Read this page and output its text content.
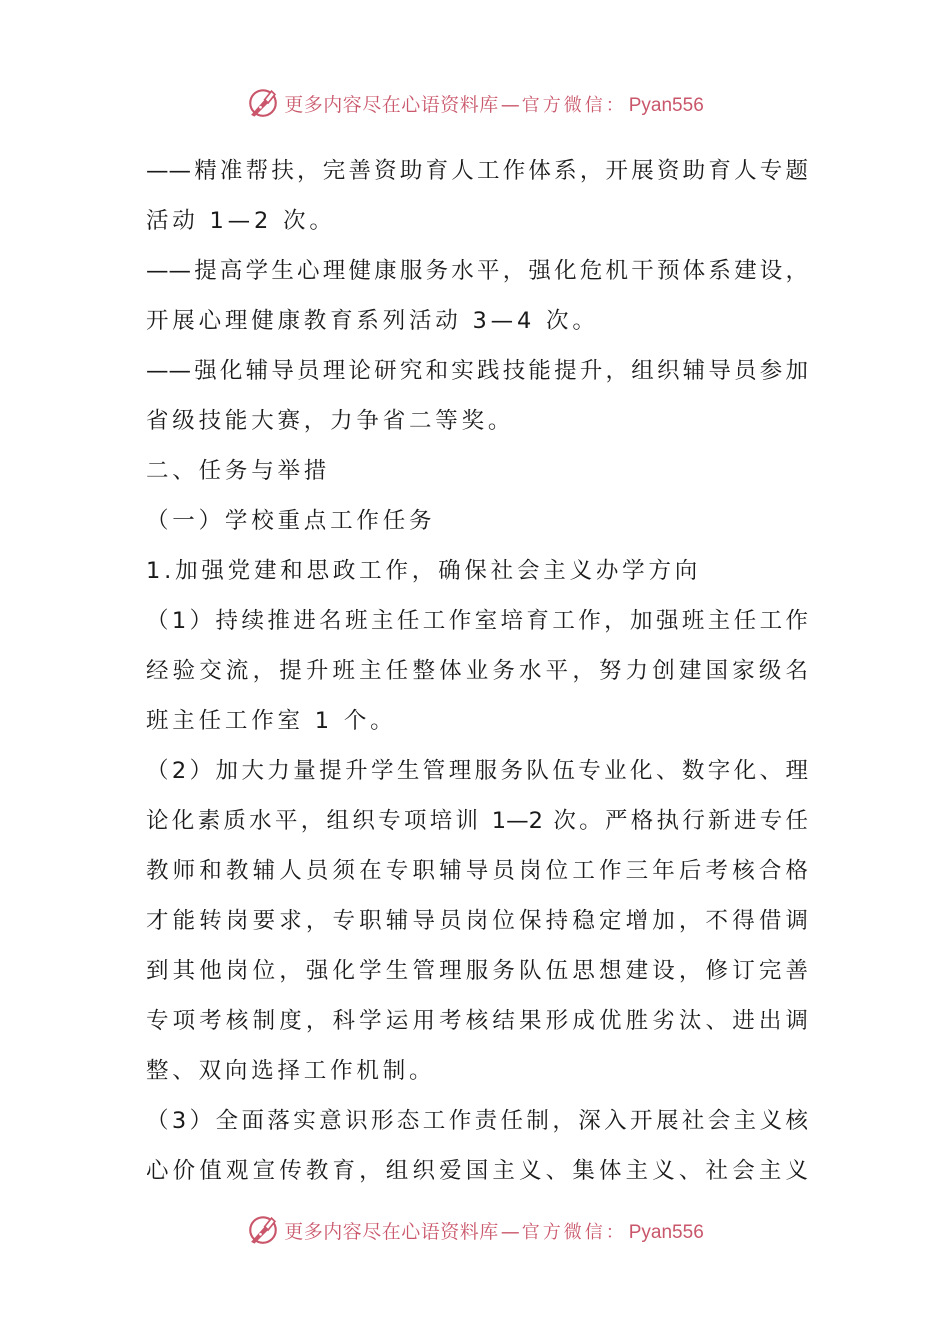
更多内容尽在心语资料库 — 官方微信： Pyan556
——精准帮扶，完善资助育人工作体系，开展资助育人专题
活动 1—2 次。
——提高学生心理健康服务水平，强化危机干预体系建设，
开展心理健康教育系列活动 3—4 次。
——强化辅导员理论研究和实践技能提升，组织辅导员参加
省级技能大赛，力争省二等奖。
二、任务与举措
（一）学校重点工作任务
1.加强党建和思政工作，确保社会主义办学方向
（1）持续推进名班主任工作室培育工作，加强班主任工作
经验交流，提升班主任整体业务水平，努力创建国家级名
班主任工作室 1 个。
（2）加大力量提升学生管理服务队伍专业化、数字化、理
论化素质水平，组织专项培训 1—2 次。严格执行新进专任
教师和教辅人员须在专职辅导员岗位工作三年后考核合格
才能转岗要求，专职辅导员岗位保持稳定增加，不得借调
到其他岗位，强化学生管理服务队伍思想建设，修订完善
专项考核制度，科学运用考核结果形成优胜劣汰、进出调
整、双向选择工作机制。
（3）全面落实意识形态工作责任制，深入开展社会主义核
心价值观宣传教育，组织爱国主义、集体主义、社会主义
更多内容尽在心语资料库 — 官方微信： Pyan556
